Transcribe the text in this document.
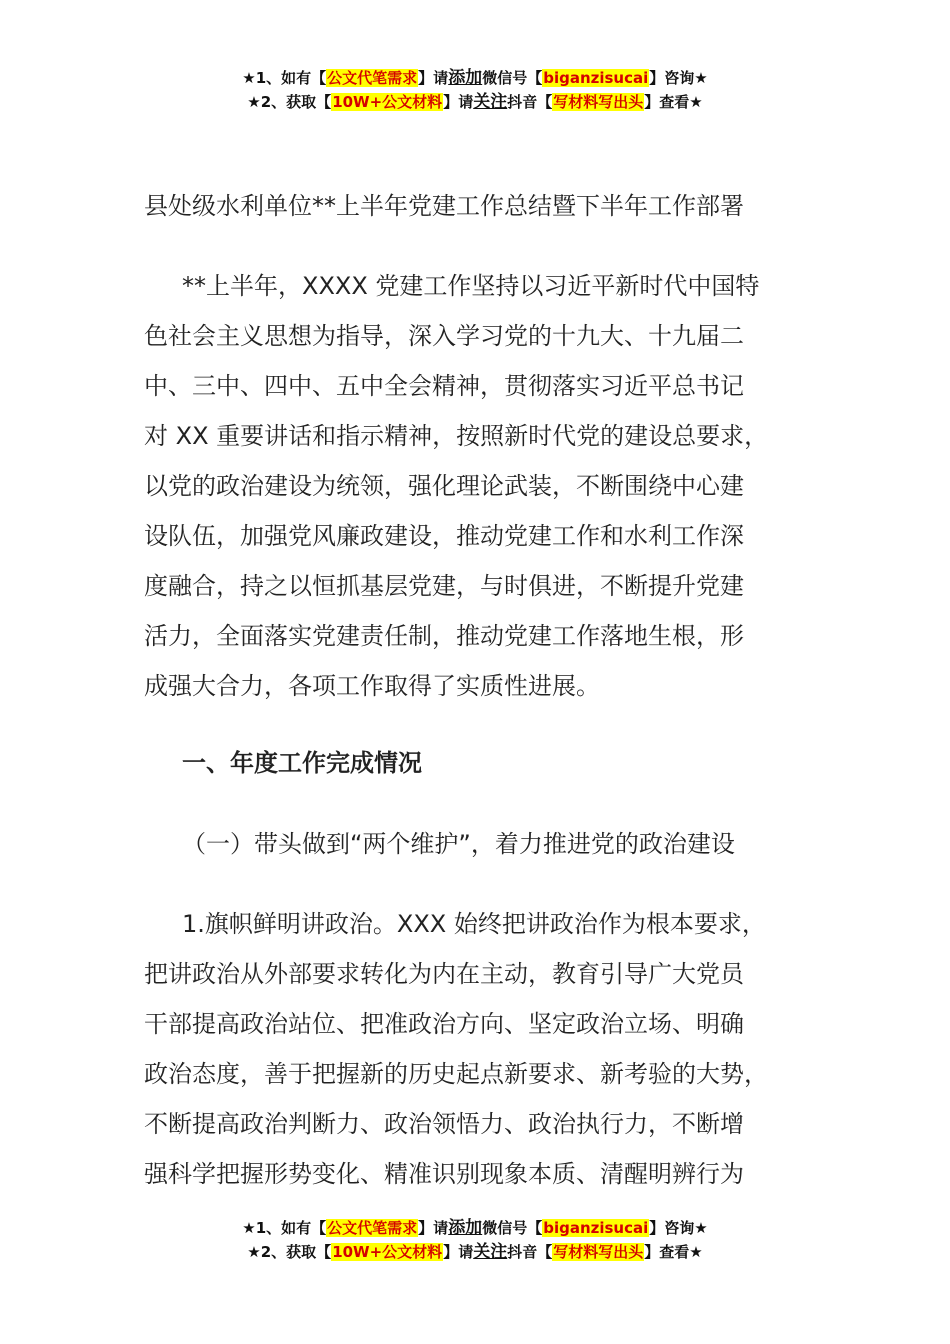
★1、如有【公文代笔需求】请添加微信号【biganzisucai】咨询★
★2、获取【10W+公文材料】请关注抖音【写材料写出头】查看★
县处级水利单位**上半年党建工作总结暨下半年工作部署
**上半年，XXXX 党建工作坚持以习近平新时代中国特
色社会主义思想为指导，深入学习党的十九大、十九届二
中、三中、四中、五中全会精神，贯彻落实习近平总书记
对 XX 重要讲话和指示精神，按照新时代党的建设总要求，
以党的政治建设为统领，强化理论武装，不断围绕中心建
设队伍，加强党风廉政建设，推动党建工作和水利工作深
度融合，持之以恒抓基层党建，与时俱进，不断提升党建
活力，全面落实党建责任制，推动党建工作落地生根，形
成强大合力，各项工作取得了实质性进展。
一、年度工作完成情况
（一）带头做到“两个维护”，着力推进党的政治建设
1.旗帜鲜明讲政治。XXX 始终把讲政治作为根本要求，
把讲政治从外部要求转化为内在主动，教育引导广大党员
干部提高政治站位、把准政治方向、坚定政治立场、明确
政治态度，善于把握新的历史起点新要求、新考验的大势，
不断提高政治判断力、政治领悟力、政治执行力，不断增
强科学把握形势变化、精准识别现象本质、清醒明辨行为
★1、如有【公文代笔需求】请添加微信号【biganzisucai】咨询★
★2、获取【10W+公文材料】请关注抖音【写材料写出头】查看★
